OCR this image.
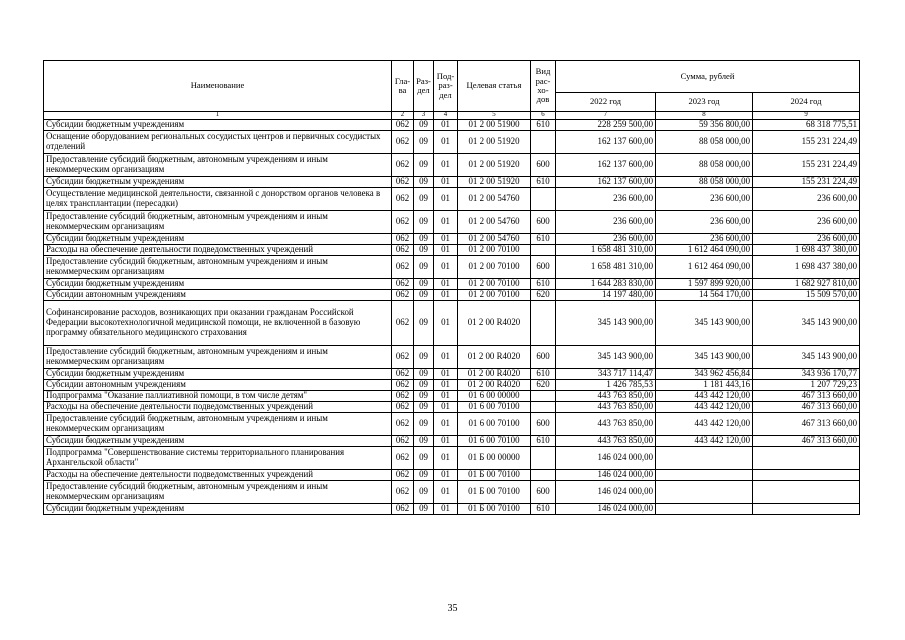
Наименование	Гла-ва	Раз-дел	Под-раз-дел	Целевая статья	Вид рас-хо-дов	Сумма, рублей		
						2022 год	2023 год	2024 год
1	2	3	4	5	6	7	8	9
Субсидии бюджетным учреждениям	062	09	01	01 2 00 51900	610	228 259 500,00	59 356 800,00	68 318 775,51
Оснащение оборудованием региональных сосудистых центров и первичных сосудистых отделений	062	09	01	01 2 00 51920		162 137 600,00	88 058 000,00	155 231 224,49
Предоставление субсидий бюджетным, автономным учреждениям и иным некоммерческим организациям	062	09	01	01 2 00 51920	600	162 137 600,00	88 058 000,00	155 231 224,49
Субсидии бюджетным учреждениям	062	09	01	01 2 00 51920	610	162 137 600,00	88 058 000,00	155 231 224,49
Осуществление медицинской деятельности, связанной с донорством органов человека в целях трансплантации (пересадки)	062	09	01	01 2 00 54760		236 600,00	236 600,00	236 600,00
Предоставление субсидий бюджетным, автономным учреждениям и иным некоммерческим организациям	062	09	01	01 2 00 54760	600	236 600,00	236 600,00	236 600,00
Субсидии бюджетным учреждениям	062	09	01	01 2 00 54760	610	236 600,00	236 600,00	236 600,00
Расходы на обеспечение деятельности подведомственных учреждений	062	09	01	01 2 00 70100		1 658 481 310,00	1 612 464 090,00	1 698 437 380,00
Предоставление субсидий бюджетным, автономным учреждениям и иным некоммерческим организациям	062	09	01	01 2 00 70100	600	1 658 481 310,00	1 612 464 090,00	1 698 437 380,00
Субсидии бюджетным учреждениям	062	09	01	01 2 00 70100	610	1 644 283 830,00	1 597 899 920,00	1 682 927 810,00
Субсидии автономным учреждениям	062	09	01	01 2 00 70100	620	14 197 480,00	14 564 170,00	15 509 570,00
Софинансирование расходов, возникающих при оказании гражданам Российской Федерации высокотехнологичной медицинской помощи, не включенной в базовую программу обязательного медицинского страхования	062	09	01	01 2 00 R4020		345 143 900,00	345 143 900,00	345 143 900,00
Предоставление субсидий бюджетным, автономным учреждениям и иным некоммерческим организациям	062	09	01	01 2 00 R4020	600	345 143 900,00	345 143 900,00	345 143 900,00
Субсидии бюджетным учреждениям	062	09	01	01 2 00 R4020	610	343 717 114,47	343 962 456,84	343 936 170,77
Субсидии автономным учреждениям	062	09	01	01 2 00 R4020	620	1 426 785,53	1 181 443,16	1 207 729,23
Подпрограмма "Оказание паллиативной помощи, в том числе детям"	062	09	01	01 6 00 00000		443 763 850,00	443 442 120,00	467 313 660,00
Расходы на обеспечение деятельности подведомственных учреждений	062	09	01	01 6 00 70100		443 763 850,00	443 442 120,00	467 313 660,00
Предоставление субсидий бюджетным, автономным учреждениям и иным некоммерческим организациям	062	09	01	01 6 00 70100	600	443 763 850,00	443 442 120,00	467 313 660,00
Субсидии бюджетным учреждениям	062	09	01	01 6 00 70100	610	443 763 850,00	443 442 120,00	467 313 660,00
Подпрограмма "Совершенствование системы территориального планирования Архангельской области"	062	09	01	01 Б 00 00000		146 024 000,00		
Расходы на обеспечение деятельности подведомственных учреждений	062	09	01	01 Б 00 70100		146 024 000,00		
Предоставление субсидий бюджетным, автономным учреждениям и иным некоммерческим организациям	062	09	01	01 Б 00 70100	600	146 024 000,00		
Субсидии бюджетным учреждениям	062	09	01	01 Б 00 70100	610	146 024 000,00		
35
